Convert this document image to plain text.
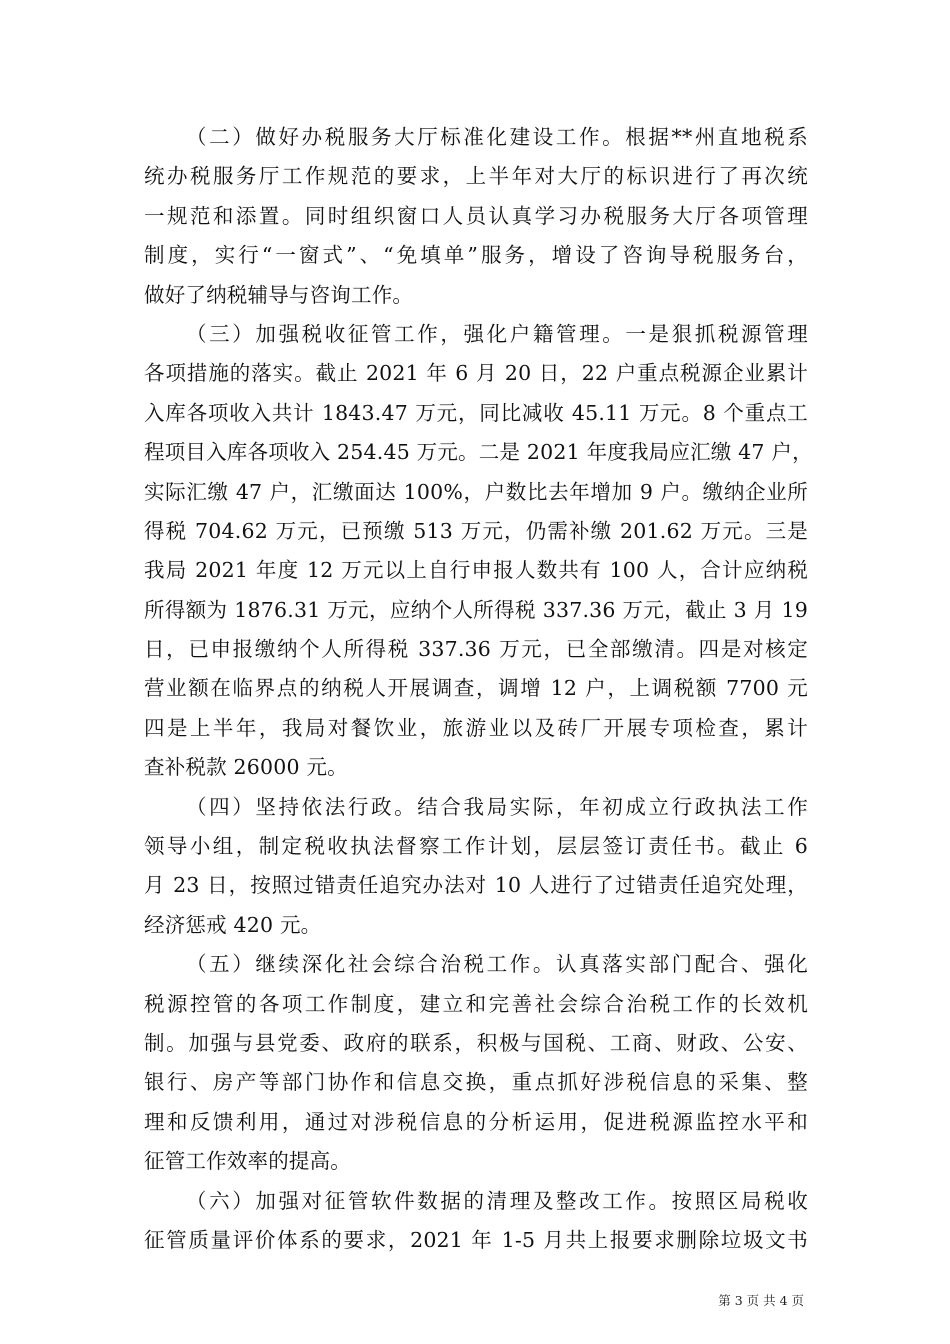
（二）做好办税服务大厅标准化建设工作。根据**州直地税系
统办税服务厅工作规范的要求，上半年对大厅的标识进行了再次统
一规范和添置。同时组织窗口人员认真学习办税服务大厅各项管理
制度，实行“一窗式”、“免填单”服务，增设了咨询导税服务台，
做好了纳税辅导与咨询工作。
（三）加强税收征管工作，强化户籍管理。一是狠抓税源管理
各项措施的落实。截止 2021 年 6 月 20 日，22 户重点税源企业累计
入库各项收入共计 1843.47 万元，同比减收 45.11 万元。8 个重点工
程项目入库各项收入 254.45 万元。二是 2021 年度我局应汇缴 47 户，
实际汇缴 47 户，汇缴面达 100%，户数比去年增加 9 户。缴纳企业所
得税 704.62 万元，已预缴 513 万元，仍需补缴 201.62 万元。三是
我局 2021 年度 12 万元以上自行申报人数共有 100 人，合计应纳税
所得额为 1876.31 万元，应纳个人所得税 337.36 万元，截止 3 月 19
日，已申报缴纳个人所得税 337.36 万元，已全部缴清。四是对核定
营业额在临界点的纳税人开展调查，调增 12 户，上调税额 7700 元
四是上半年，我局对餐饮业，旅游业以及砖厂开展专项检查，累计
查补税款 26000 元。
（四）坚持依法行政。结合我局实际，年初成立行政执法工作
领导小组，制定税收执法督察工作计划，层层签订责任书。截止 6
月 23 日，按照过错责任追究办法对 10 人进行了过错责任追究处理，
经济惩戒 420 元。
（五）继续深化社会综合治税工作。认真落实部门配合、强化
税源控管的各项工作制度，建立和完善社会综合治税工作的长效机
制。加强与县党委、政府的联系，积极与国税、工商、财政、公安、
银行、房产等部门协作和信息交换，重点抓好涉税信息的采集、整
理和反馈利用，通过对涉税信息的分析运用，促进税源监控水平和
征管工作效率的提高。
（六）加强对征管软件数据的清理及整改工作。按照区局税收
征管质量评价体系的要求，2021 年 1-5 月共上报要求删除垃圾文书
第 3 页 共 4 页
